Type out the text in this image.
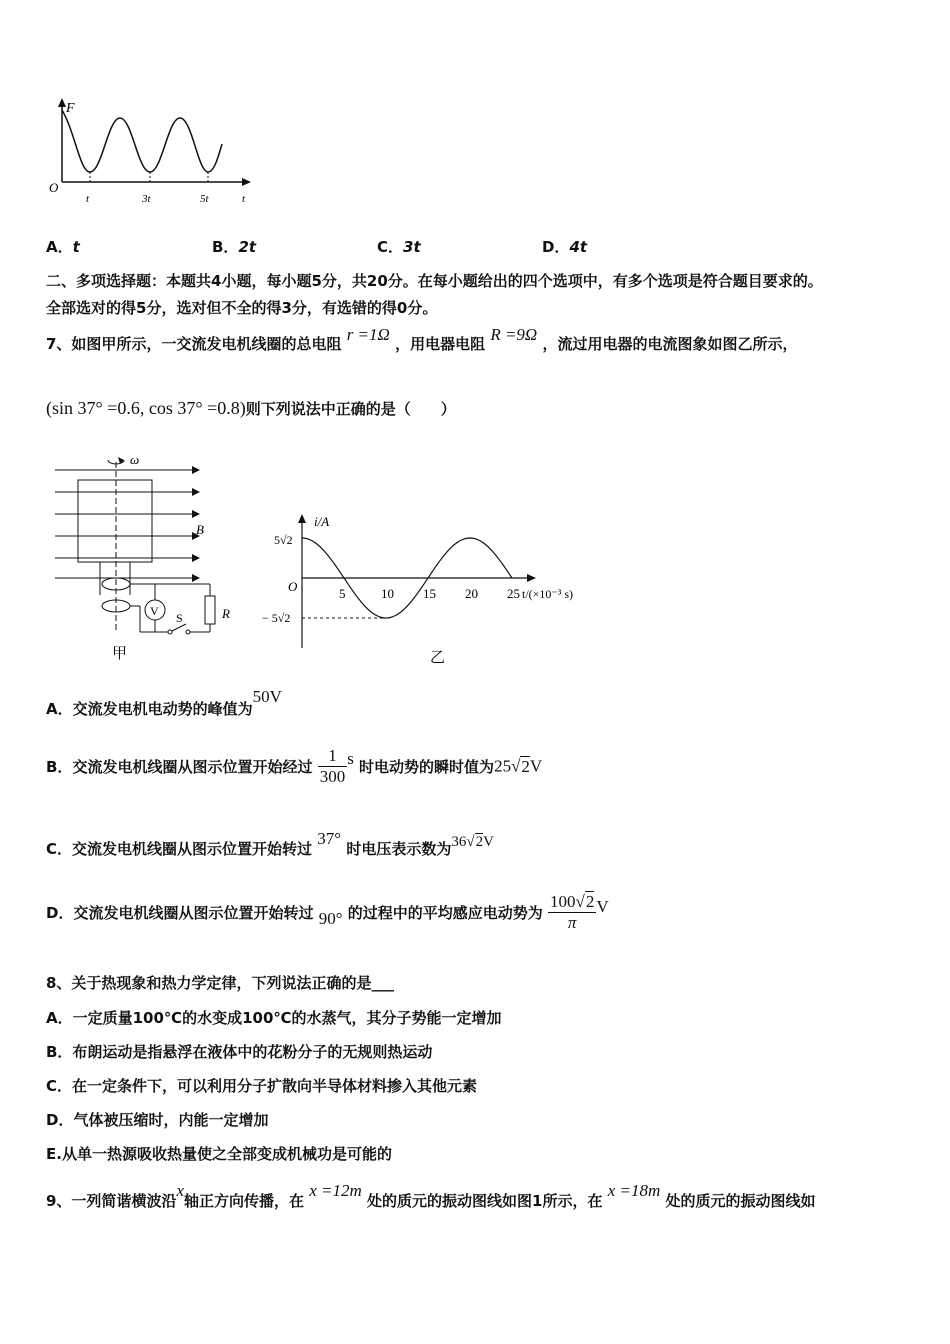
F
O
t	3t	5t	t
A．t	B．2t	C．3t	D．4t
二、多项选择题：本题共4小题，每小题5分，共20分。在每小题给出的四个选项中，有多个选项是符合题目要求的。
全部选对的得5分，选对但不全的得3分，有选错的得0分。
7、如图甲所示，一交流发电机线圈的总电阻 r =1Ω ，用电器电阻 R =9Ω ，流过用电器的电流图象如图乙所示，
(sin 37° =0.6, cos 37° =0.8)则下列说法中正确的是（　　）
ω
B
V S	R
甲
i/A
5√2
− 5√2
O	5	10 15 20 25 t/(×10⁻³ s)
乙
A．交流发电机电动势的峰值为50V
B．交流发电机线圈从图示位置开始经过 $\frac{1}{300}$ s 时电动势的瞬时值为25√2V
C．交流发电机线圈从图示位置开始转过 37° 时电压表示数为36√2V
D．交流发电机线圈从图示位置开始转过 90° 的过程中的平均感应电动势为 $\frac{100√2}{\pi}$ V
8、关于热现象和热力学定律，下列说法正确的是___
A．一定质量100℃的水变成100℃的水蒸气，其分子势能一定增加
B．布朗运动是指悬浮在液体中的花粉分子的无规则热运动
C．在一定条件下，可以利用分子扩散向半导体材料掺入其他元素
D．气体被压缩时，内能一定增加
E.从单一热源吸收热量使之全部变成机械功是可能的
9、一列简谐横波沿x轴正方向传播，在 x =12m 处的质元的振动图线如图1所示，在 x =18m 处的质元的振动图线如
